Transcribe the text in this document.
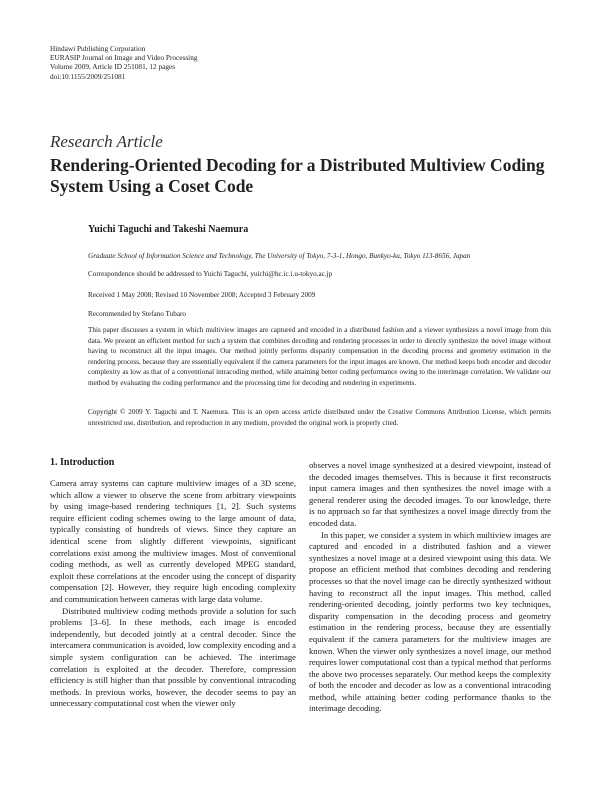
Hindawi Publishing Corporation
EURASIP Journal on Image and Video Processing
Volume 2009, Article ID 251081, 12 pages
doi:10.1155/2009/251081
Research Article
Rendering-Oriented Decoding for a Distributed Multiview Coding System Using a Coset Code
Yuichi Taguchi and Takeshi Naemura
Graduate School of Information Science and Technology, The University of Tokyo, 7-3-1, Hongo, Bunkyo-ku, Tokyo 113-8656, Japan
Correspondence should be addressed to Yuichi Taguchi, yuichi@hc.ic.i.u-tokyo.ac.jp
Received 1 May 2008; Revised 10 November 2008; Accepted 3 February 2009
Recommended by Stefano Tubaro
This paper discusses a system in which multiview images are captured and encoded in a distributed fashion and a viewer synthesizes a novel image from this data. We present an efficient method for such a system that combines decoding and rendering processes in order to directly synthesize the novel image without having to reconstruct all the input images. Our method jointly performs disparity compensation in the decoding process and geometry estimation in the rendering process, because they are essentially equivalent if the camera parameters for the input images are known. Our method keeps both encoder and decoder complexity as low as that of a conventional intracoding method, while attaining better coding performance owing to the interimage correlation. We validate our method by evaluating the coding performance and the processing time for decoding and rendering in experiments.
Copyright © 2009 Y. Taguchi and T. Naemura. This is an open access article distributed under the Creative Commons Attribution License, which permits unrestricted use, distribution, and reproduction in any medium, provided the original work is properly cited.
1. Introduction

Camera array systems can capture multiview images of a 3D scene, which allow a viewer to observe the scene from arbitrary viewpoints by using image-based rendering techniques [1, 2]. Such systems require efficient coding schemes owing to the large amount of data, typically consisting of hundreds of views. Since they capture an identical scene from slightly different viewpoints, significant correlations exist among the multiview images. Most of conventional coding methods, as well as currently developed MPEG standard, exploit these correlations at the encoder using the concept of disparity compensation [2]. However, they require high encoding complexity and communication between cameras with large data volume.

Distributed multiview coding methods provide a solution for such problems [3–6]. In these methods, each image is encoded independently, but decoded jointly at a central decoder. Since the intercamera communication is avoided, low complexity encoding and a simple system configuration can be achieved. The interimage correlation is exploited at the decoder. Therefore, compression efficiency is still higher than that possible by conventional intracoding methods. In previous works, however, the decoder seems to pay an unnecessary computational cost when the viewer only

observes a novel image synthesized at a desired viewpoint, instead of the decoded images themselves. This is because it first reconstructs input camera images and then synthesizes the novel image with a general renderer using the decoded images. To our knowledge, there is no approach so far that synthesizes a novel image directly from the encoded data.

In this paper, we consider a system in which multiview images are captured and encoded in a distributed fashion and a viewer synthesizes a novel image at a desired viewpoint using this data. We propose an efficient method that combines decoding and rendering processes so that the novel image can be directly synthesized without having to reconstruct all the input images. This method, called rendering-oriented decoding, jointly performs two key techniques, disparity compensation in the decoding process and geometry estimation in the rendering process, because they are essentially equivalent if the camera parameters for the multiview images are known. When the viewer only synthesizes a novel image, our method requires lower computational cost than a typical method that performs the above two processes separately. Our method keeps the complexity of both the encoder and decoder as low as a conventional intracoding method, while attaining better coding performance thanks to the interimage decoding.
